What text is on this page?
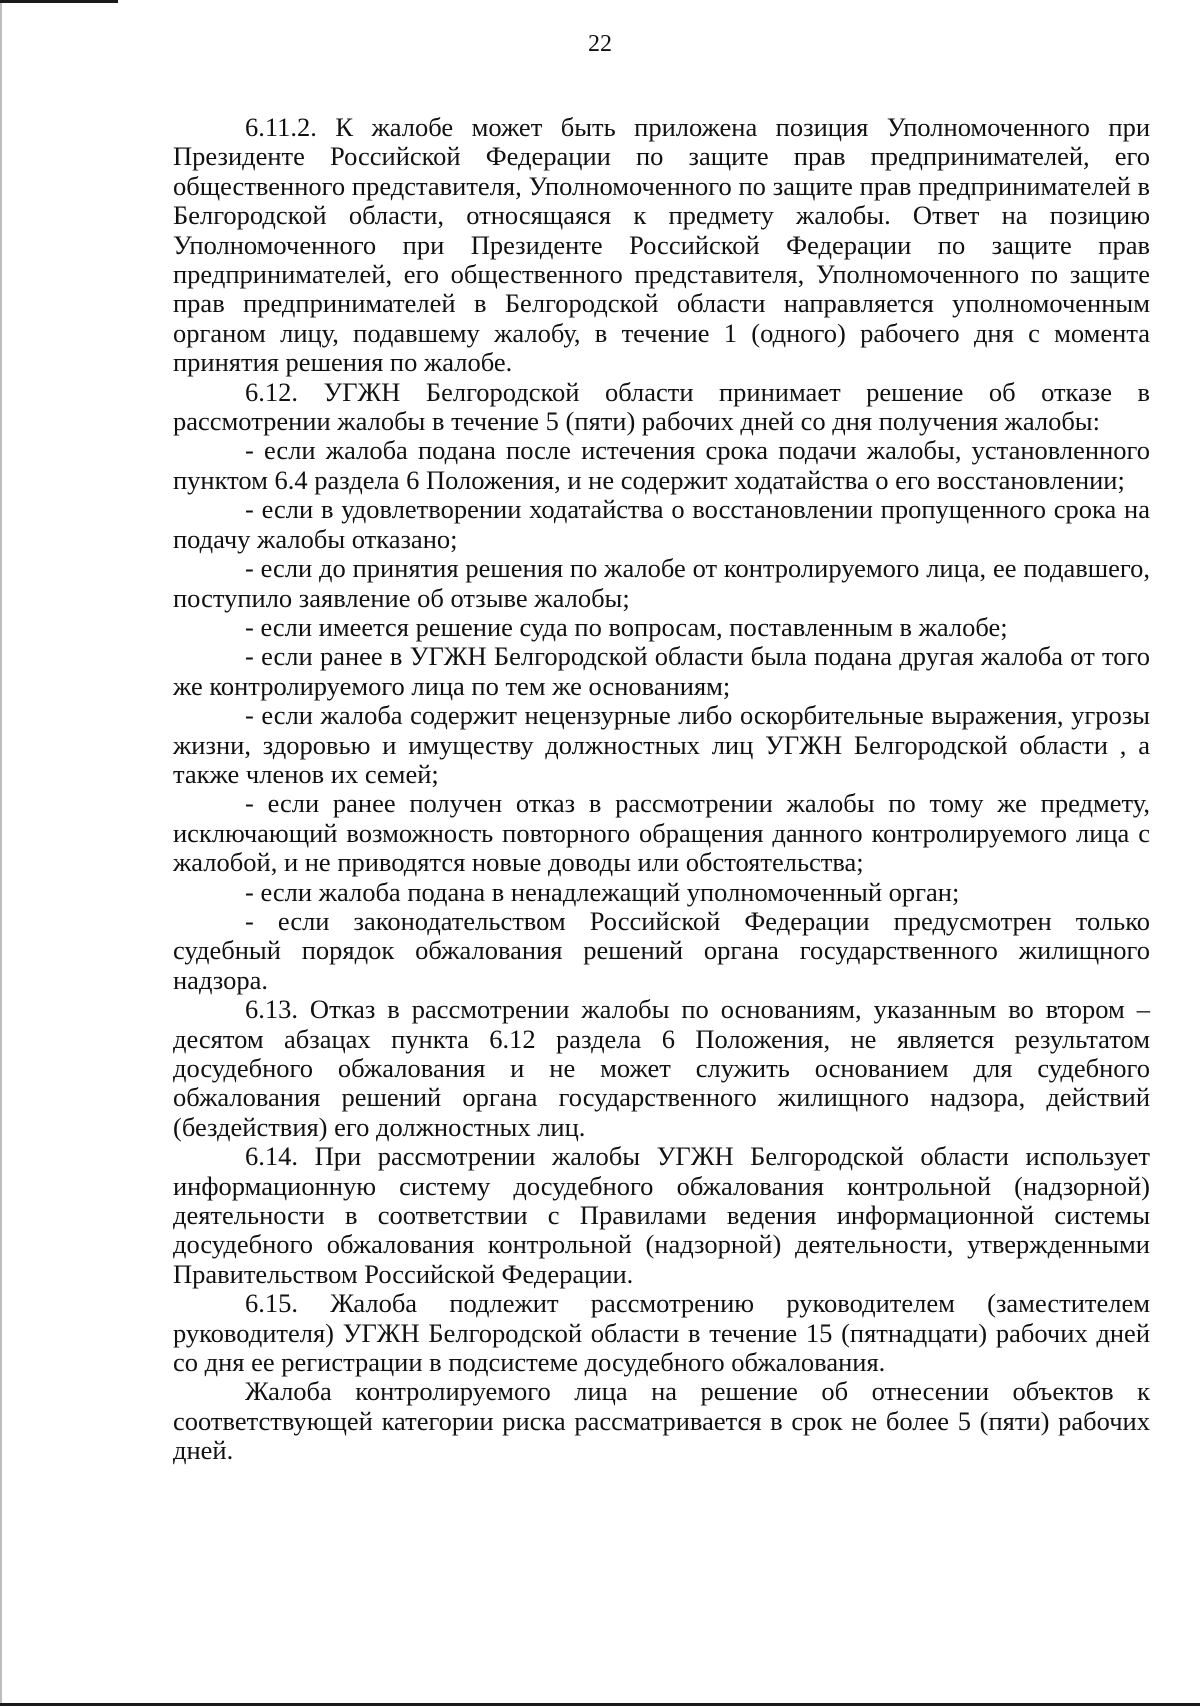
22

6.11.2. К жалобе может быть приложена позиция Уполномоченного при Президенте Российской Федерации по защите прав предпринимателей, его общественного представителя, Уполномоченного по защите прав предпринимателей в Белгородской области, относящаяся к предмету жалобы. Ответ на позицию Уполномоченного при Президенте Российской Федерации по защите прав предпринимателей, его общественного представителя, Уполномоченного по защите прав предпринимателей в Белгородской области направляется уполномоченным органом лицу, подавшему жалобу, в течение 1 (одного) рабочего дня с момента принятия решения по жалобе.

6.12. УГЖН Белгородской области принимает решение об отказе в рассмотрении жалобы в течение 5 (пяти) рабочих дней со дня получения жалобы:

- если жалоба подана после истечения срока подачи жалобы, установленного пунктом 6.4 раздела 6 Положения, и не содержит ходатайства о его восстановлении;

- если в удовлетворении ходатайства о восстановлении пропущенного срока на подачу жалобы отказано;

- если до принятия решения по жалобе от контролируемого лица, ее подавшего, поступило заявление об отзыве жалобы;

- если имеется решение суда по вопросам, поставленным в жалобе;

- если ранее в УГЖН Белгородской области была подана другая жалоба от того же контролируемого лица по тем же основаниям;

- если жалоба содержит нецензурные либо оскорбительные выражения, угрозы жизни, здоровью и имуществу должностных лиц УГЖН Белгородской области , а также членов их семей;

- если ранее получен отказ в рассмотрении жалобы по тому же предмету, исключающий возможность повторного обращения данного контролируемого лица с жалобой, и не приводятся новые доводы или обстоятельства;

- если жалоба подана в ненадлежащий уполномоченный орган;

- если законодательством Российской Федерации предусмотрен только судебный порядок обжалования решений органа государственного жилищного надзора.

6.13. Отказ в рассмотрении жалобы по основаниям, указанным во втором – десятом абзацах пункта 6.12 раздела 6 Положения, не является результатом досудебного обжалования и не может служить основанием для судебного обжалования решений органа государственного жилищного надзора, действий (бездействия) его должностных лиц.

6.14. При рассмотрении жалобы УГЖН Белгородской области использует информационную систему досудебного обжалования контрольной (надзорной) деятельности в соответствии с Правилами ведения информационной системы досудебного обжалования контрольной (надзорной) деятельности, утвержденными Правительством Российской Федерации.

6.15. Жалоба подлежит рассмотрению руководителем (заместителем руководителя) УГЖН Белгородской области в течение 15 (пятнадцати) рабочих дней со дня ее регистрации в подсистеме досудебного обжалования.

Жалоба контролируемого лица на решение об отнесении объектов к соответствующей категории риска рассматривается в срок не более 5 (пяти) рабочих дней.
